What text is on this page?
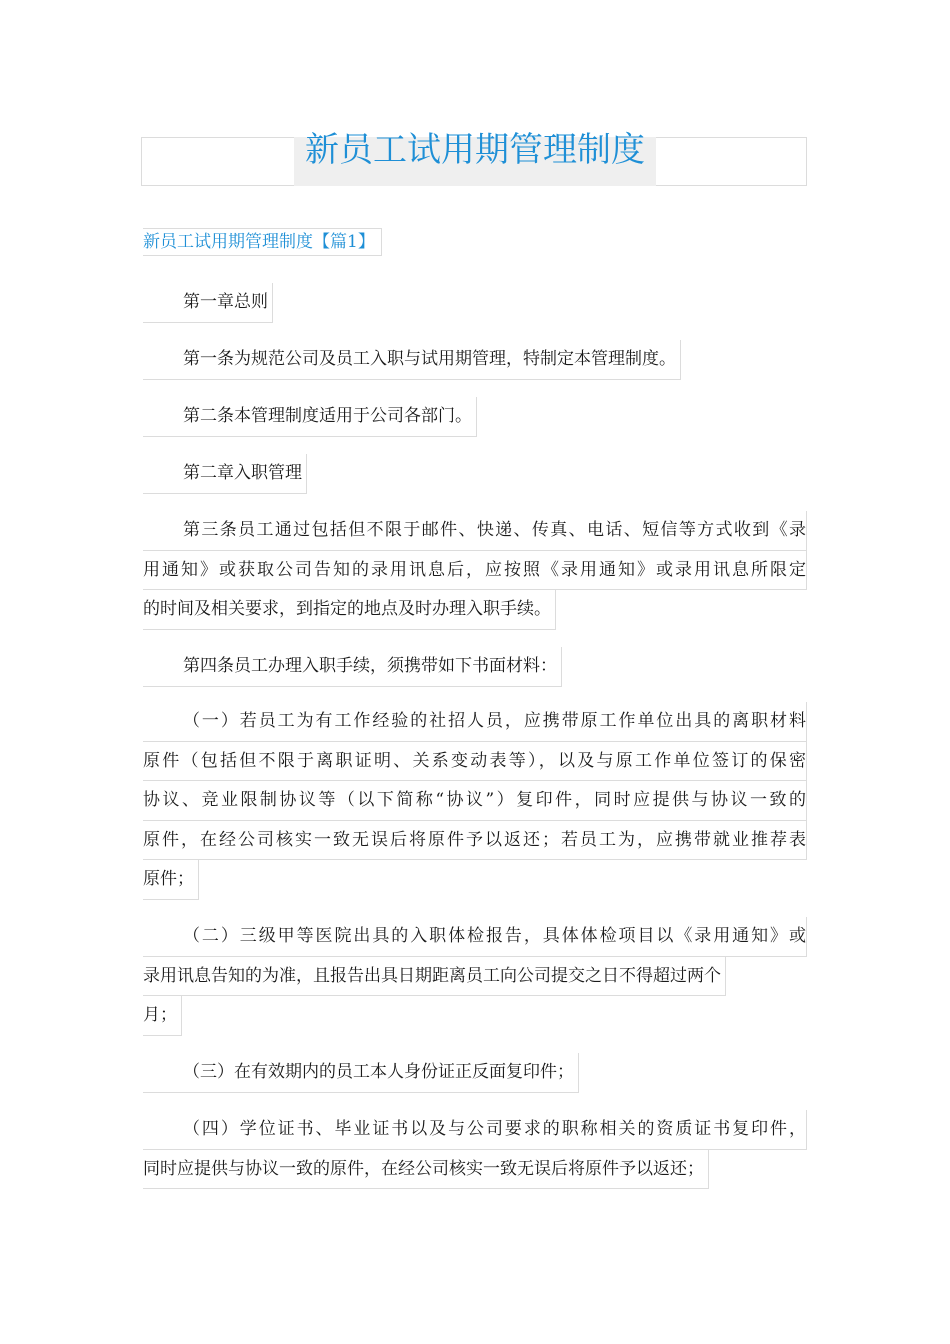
新员工试用期管理制度
新员工试用期管理制度【篇1】
第一章总则
第一条为规范公司及员工入职与试用期管理，特制定本管理制度。
第二条本管理制度适用于公司各部门。
第二章入职管理
第三条员工通过包括但不限于邮件、快递、传真、电话、短信等方式收到《录
用通知》或获取公司告知的录用讯息后，应按照《录用通知》或录用讯息所限定
的时间及相关要求，到指定的地点及时办理入职手续。
第四条员工办理入职手续，须携带如下书面材料：
（一）若员工为有工作经验的社招人员，应携带原工作单位出具的离职材料
原件（包括但不限于离职证明、关系变动表等），以及与原工作单位签订的保密
协议、竞业限制协议等（以下简称“协议”）复印件，同时应提供与协议一致的
原件，在经公司核实一致无误后将原件予以返还；若员工为，应携带就业推荐表
原件；
（二）三级甲等医院出具的入职体检报告，具体体检项目以《录用通知》或
录用讯息告知的为准，且报告出具日期距离员工向公司提交之日不得超过两个
月；
（三）在有效期内的员工本人身份证正反面复印件；
（四）学位证书、毕业证书以及与公司要求的职称相关的资质证书复印件，
同时应提供与协议一致的原件，在经公司核实一致无误后将原件予以返还；
